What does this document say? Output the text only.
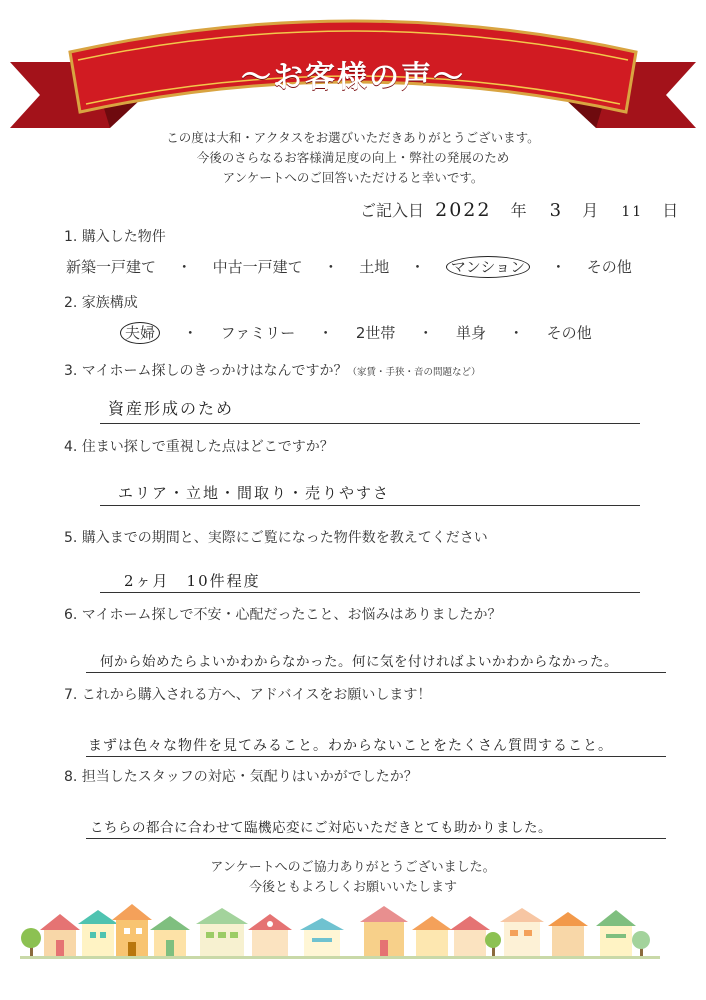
〜お客様の声〜
この度は大和・アクタスをお選びいただきありがとうございます。
今後のさらなるお客様満足度の向上・弊社の発展のため
アンケートへのご回答いただけると幸いです。
ご記入日 2022 年 3 月 11 日
1. 購入した物件
新築一戸建て ・ 中古一戸建て ・ 土地 ・ マンション ・ その他
2. 家族構成
夫婦 ・ ファミリー ・ 2世帯 ・ 単身 ・ その他
3. マイホーム探しのきっかけはなんですか？（家賃・手狭・音の問題など）
資産形成のため
4. 住まい探しで重視した点はどこですか？
エリア・立地・間取り・売りやすさ
5. 購入までの期間と、実際にご覧になった物件数を教えてください
2ヶ月　10件程度
6. マイホーム探しで不安・心配だったこと、お悩みはありましたか？
何から始めたらよいかわからなかった。何に気を付ければよいかわからなかった。
7. これから購入される方へ、アドバイスをお願いします！
まずは色々な物件を見てみること。わからないことをたくさん質問すること。
8. 担当したスタッフの対応・気配りはいかがでしたか？
こちらの都合に合わせて臨機応変にご対応いただきとても助かりました。
アンケートへのご協力ありがとうございました。
今後ともよろしくお願いいたします
